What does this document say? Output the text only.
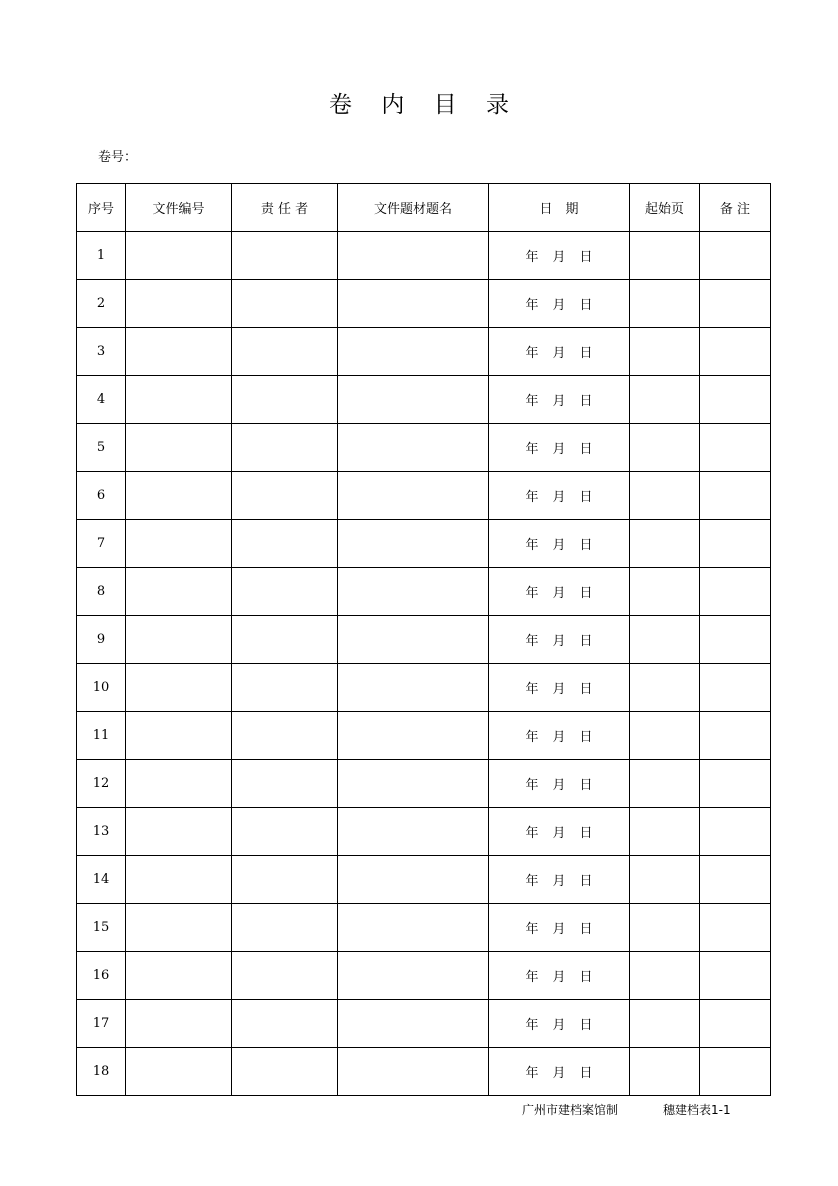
卷 内 目 录
卷号：
序号	文件编号	责 任 者	文件题材题名	日　期	起始页	备 注
1				年 月 日		
2				年 月 日		
3				年 月 日		
4				年 月 日		
5				年 月 日		
6				年 月 日		
7				年 月 日		
8				年 月 日		
9				年 月 日		
10				年 月 日		
11				年 月 日		
12				年 月 日		
13				年 月 日		
14				年 月 日		
15				年 月 日		
16				年 月 日		
17				年 月 日		
18				年 月 日		
广州市建档案馆制	穗建档表1-1
